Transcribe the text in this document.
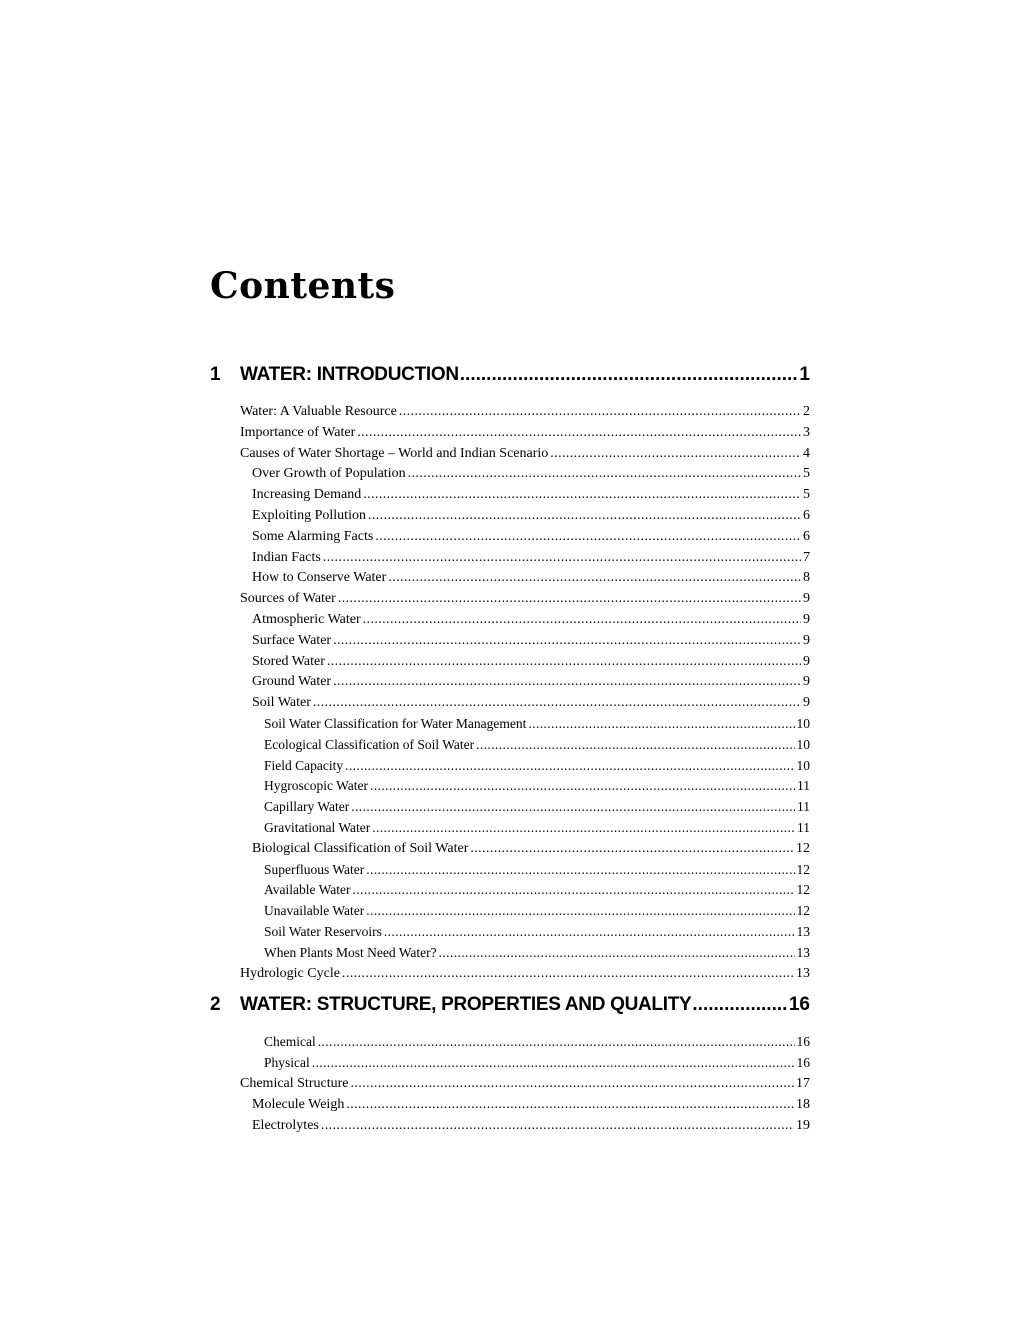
Contents
1	WATER: INTRODUCTION .....	1
Water: A Valuable Resource .....	2
Importance of Water .....	3
Causes of Water Shortage – World and Indian Scenario .....	4
Over Growth of Population .....	5
Increasing Demand .....	5
Exploiting Pollution .....	6
Some Alarming Facts .....	6
Indian Facts .....	7
How to Conserve Water .....	8
Sources of Water .....	9
Atmospheric Water .....	9
Surface Water .....	9
Stored Water .....	9
Ground Water .....	9
Soil Water .....	9
Soil Water Classification for Water Management .....	10
Ecological Classification of Soil Water .....	10
Field Capacity .....	10
Hygroscopic Water .....	11
Capillary Water .....	11
Gravitational Water .....	11
Biological Classification of Soil Water .....	12
Superfluous Water .....	12
Available Water .....	12
Unavailable Water .....	12
Soil Water Reservoirs .....	13
When Plants Most Need Water? .....	13
Hydrologic Cycle .....	13
2	WATER: STRUCTURE, PROPERTIES AND QUALITY .....	16
Chemical .....	16
Physical .....	16
Chemical Structure .....	17
Molecule Weigh .....	18
Electrolytes .....	19
